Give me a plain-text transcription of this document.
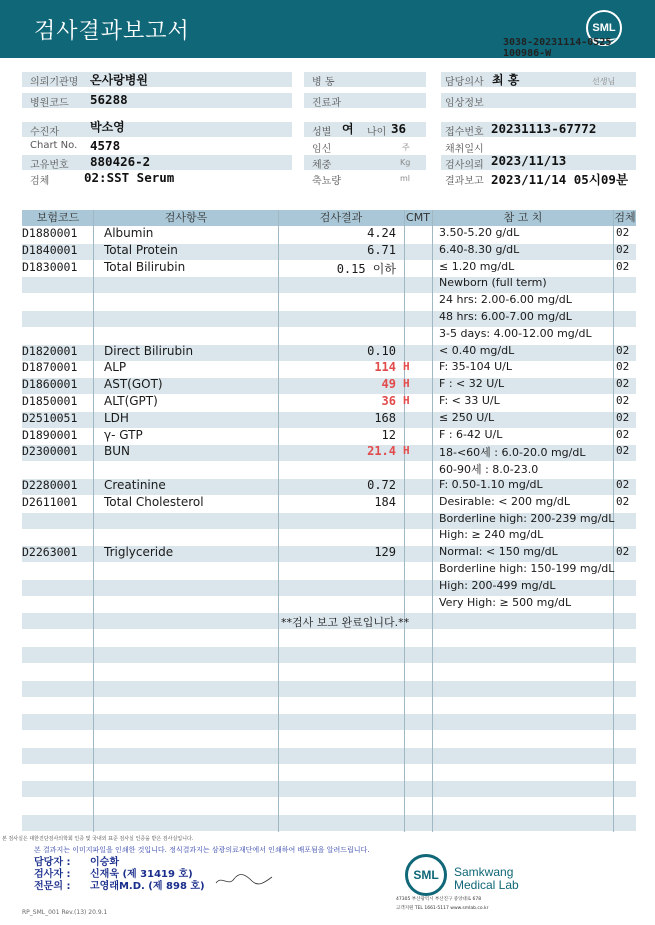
검사결과보고서	SML
3038-20231114-0525
100986-W
의뢰기관명 온사랑병원
병원코드 56288
병 동
진료과
담당의사 최 홍	선생님
임상정보
수진자	박소영
Chart No. 4578
고유번호 880426-2
검체	02:SST Serum
성별 여 나이 36
임신	주
체중	Kg
축뇨량	ml
접수번호 20231113-67772
채취일시
검사의뢰 2023/11/13
결과보고 2023/11/14 05시09분
보험코드	검사항목	검사결과	CMT	참 고 치	검체
D1880001 Albumin	4.24	3.50-5.20 g/dL	02
D1840001 Total Protein	6.71	6.40-8.30 g/dL	02
D1830001 Total Bilirubin	0.15 이하	≤ 1.20 mg/dL	02
Newborn (full term)
24 hrs: 2.00-6.00 mg/dL
48 hrs: 6.00-7.00 mg/dL
3-5 days: 4.00-12.00 mg/dL
D1820001 Direct Bilirubin	0.10	< 0.40 mg/dL	02
D1870001 ALP	114 H	F: 35-104 U/L	02
D1860001 AST(GOT)	49 H	F : < 32 U/L	02
D1850001 ALT(GPT)	36 H	F: < 33 U/L	02
D2510051 LDH	168	≤ 250 U/L	02
D1890001 γ- GTP	12	F : 6-42 U/L	02
D2300001 BUN	21.4 H	18-<60세 : 6.0-20.0 mg/dL	02
60-90세 : 8.0-23.0
D2280001 Creatinine	0.72	F: 0.50-1.10 mg/dL	02
D2611001 Total Cholesterol	184	Desirable: < 200 mg/dL	02
Borderline high: 200-239 mg/dL
High: ≥ 240 mg/dL
D2263001 Triglyceride	129	Normal: < 150 mg/dL	02
Borderline high: 150-199 mg/dL
High: 200-499 mg/dL
Very High: ≥ 500 mg/dL
**검사 보고 완료입니다.**
본 검사실은 대한진단검사의학회 인증 및 국내외 표준 검사실 인증을 받은 검사실입니다.
본 결과지는 이미지파일을 인쇄한 것입니다. 정식결과지는 삼광의료재단에서 인쇄하여 배포됨을 알려드립니다.
담당자 : 이승화
검사자 : 신재욱 (제 31419 호)
전문의 : 고영래M.D. (제 898 호)
SML	Samkwang
Medical Lab
47305 부산광역시 부산진구 중앙대로 678
고객지원 TEL 1661-5117 www.smlab.co.kr
RP_SML_001 Rev.(13) 20.9.1
